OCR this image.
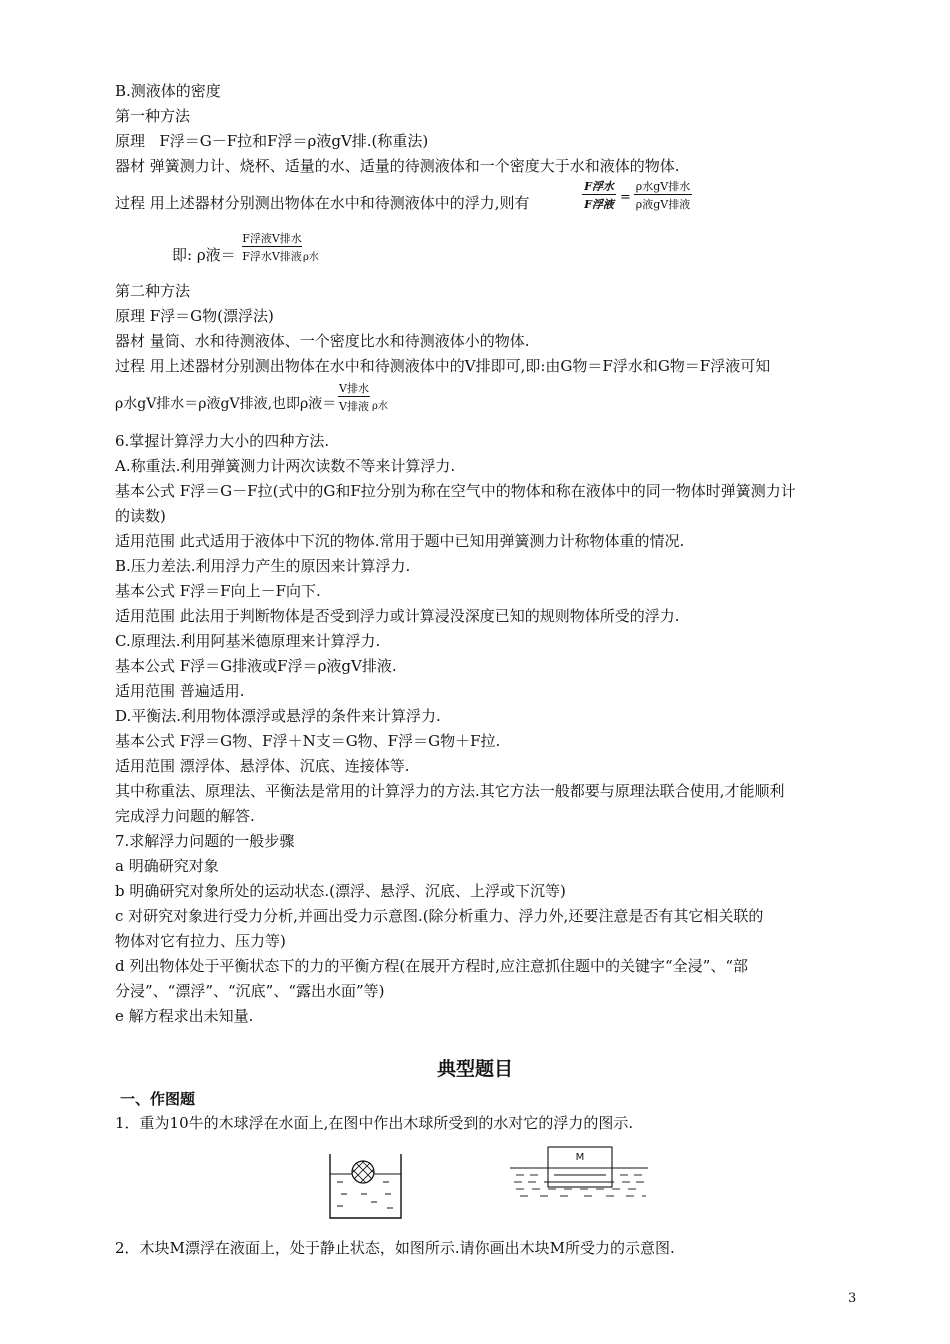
B.测液体的密度
第一种方法
原理 F浮＝G－F拉和F浮＝ρ液gV排.(称重法)
器材 弹簧测力计、烧杯、适量的水、适量的待测液体和一个密度大于水和液体的物体.
过程 用上述器材分别测出物体在水中和待测液体中的浮力,则有
F浮水
F浮液 =
ρ水gV排水
ρ液gV排液
即: ρ液＝
F浮液V排水
F浮水V排液 ρ水
第二种方法
原理 F浮＝G物(漂浮法)
器材 量筒、水和待测液体、一个密度比水和待测液体小的物体.
过程 用上述器材分别测出物体在水中和待测液体中的V排即可,即:由G物＝F浮水和G物＝F浮液可知
ρ水gV排水＝ρ液gV排液,也即ρ液＝
V排水
V排液 ρ水
6.掌握计算浮力大小的四种方法.
A.称重法.利用弹簧测力计两次读数不等来计算浮力.
基本公式 F浮＝G－F拉(式中的G和F拉分别为称在空气中的物体和称在液体中的同一物体时弹簧测力计
的读数)
适用范围 此式适用于液体中下沉的物体.常用于题中已知用弹簧测力计称物体重的情况.
B.压力差法.利用浮力产生的原因来计算浮力.
基本公式 F浮＝F向上－F向下.
适用范围 此法用于判断物体是否受到浮力或计算浸没深度已知的规则物体所受的浮力.
C.原理法.利用阿基米德原理来计算浮力.
基本公式 F浮＝G排液或F浮＝ρ液gV排液.
适用范围 普遍适用.
D.平衡法.利用物体漂浮或悬浮的条件来计算浮力.
基本公式 F浮＝G物、F浮＋N支＝G物、F浮＝G物＋F拉.
适用范围 漂浮体、悬浮体、沉底、连接体等.
其中称重法、原理法、平衡法是常用的计算浮力的方法.其它方法一般都要与原理法联合使用,才能顺利
完成浮力问题的解答.
7.求解浮力问题的一般步骤
a 明确研究对象
b 明确研究对象所处的运动状态.(漂浮、悬浮、沉底、上浮或下沉等)
c 对研究对象进行受力分析,并画出受力示意图.(除分析重力、浮力外,还要注意是否有其它相关联的
物体对它有拉力、压力等)
d 列出物体处于平衡状态下的力的平衡方程(在展开方程时,应注意抓住题中的关键字“全浸”、“部
分浸”、“漂浮”、“沉底”、“露出水面”等)
e 解方程求出未知量.
典型题目
一、作图题
1．重为10牛的木球浮在水面上,在图中作出木球所受到的水对它的浮力的图示.
M
2．木块M漂浮在液面上，处于静止状态，如图所示.请你画出木块M所受力的示意图.
3
